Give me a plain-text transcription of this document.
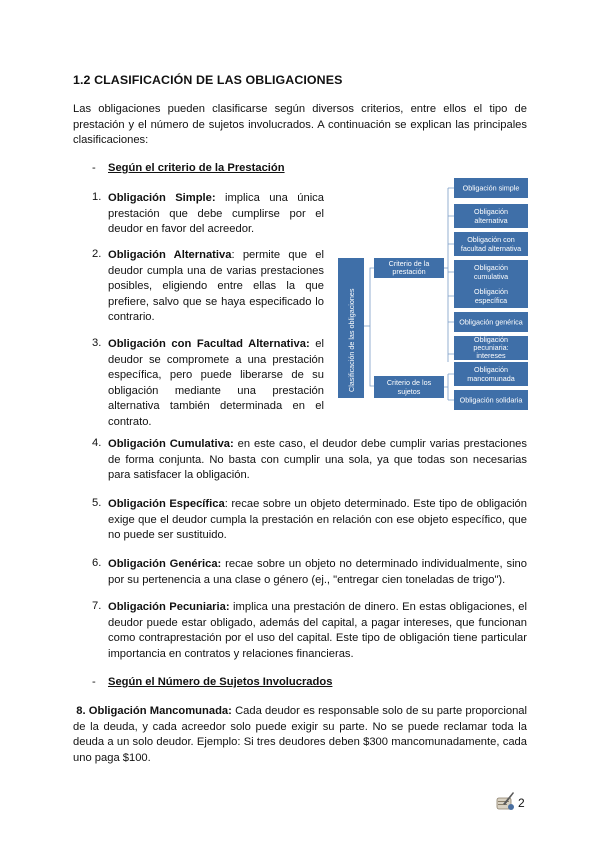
1.2 CLASIFICACIÓN DE LAS OBLIGACIONES
Las obligaciones pueden clasificarse según diversos criterios, entre ellos el tipo de prestación y el número de sujetos involucrados. A continuación se explican las principales clasificaciones:
- Según el criterio de la Prestación
1. Obligación Simple: implica una única prestación que debe cumplirse por el deudor en favor del acreedor.
2. Obligación Alternativa: permite que el deudor cumpla una de varias prestaciones posibles, eligiendo entre ellas la que prefiere, salvo que se haya especificado lo contrario.
3. Obligación con Facultad Alternativa: el deudor se compromete a una prestación específica, pero puede liberarse de su obligación mediante una prestación alternativa también determinada en el contrato.
4. Obligación Cumulativa: en este caso, el deudor debe cumplir varias prestaciones de forma conjunta. No basta con cumplir una sola, ya que todas son necesarias para satisfacer la obligación.
5. Obligación Específica: recae sobre un objeto determinado. Este tipo de obligación exige que el deudor cumpla la prestación en relación con ese objeto específico, que no puede ser sustituido.
6. Obligación Genérica: recae sobre un objeto no determinado individualmente, sino por su pertenencia a una clase o género (ej., "entregar cien toneladas de trigo").
7. Obligación Pecuniaria: implica una prestación de dinero. En estas obligaciones, el deudor puede estar obligado, además del capital, a pagar intereses, que funcionan como contraprestación por el uso del capital. Este tipo de obligación tiene particular importancia en contratos y relaciones financieras.
- Según el Número de Sujetos Involucrados
8. Obligación Mancomunada: Cada deudor es responsable solo de su parte proporcional de la deuda, y cada acreedor solo puede exigir su parte. No se puede reclamar toda la deuda a un solo deudor. Ejemplo: Si tres deudores deben $300 mancomunadamente, cada uno paga $100.
Clasificación de las obligaciones
Criterio de la
prestación
Criterio de los
sujetos
Obligación simple
Obligación
alternativa
Obligación con
facultad alternativa
Obligación
cumulativa
Obligación
específica
Obligación genérica
Obligación
pecuniaria:
intereses
Obligación
mancomunada
Obligación solidaria
2
